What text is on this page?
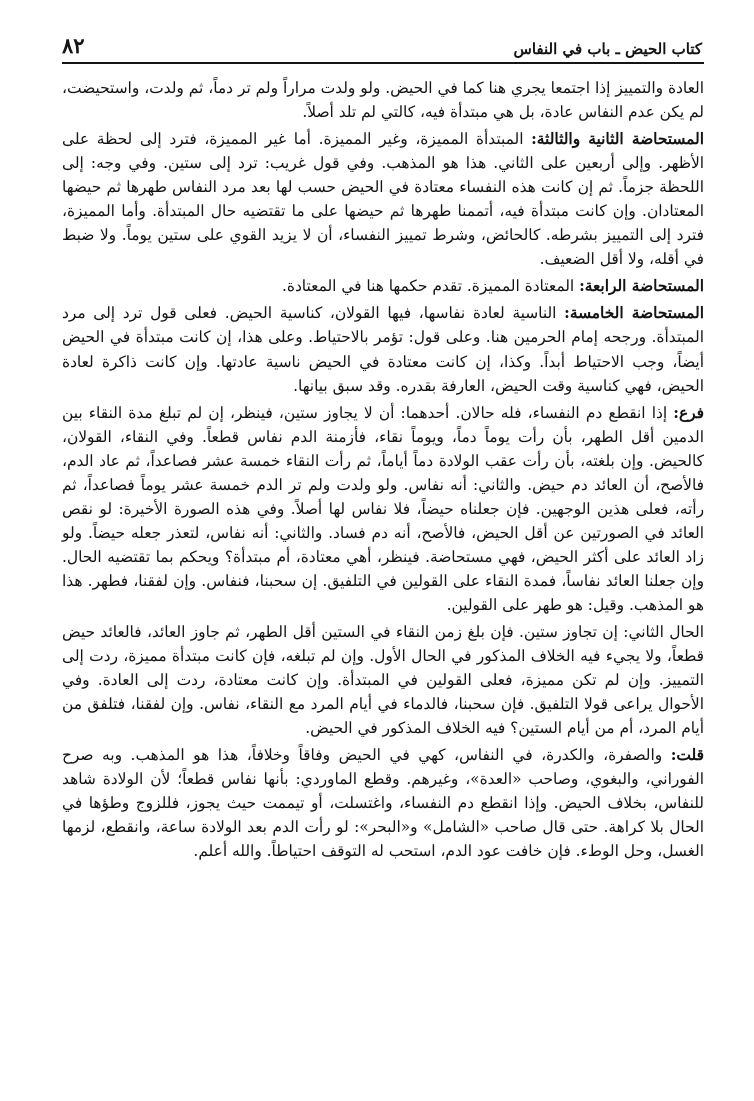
كتاب الحيض ـ باب في النفاس
٨٢

العادة والتمييز إذا اجتمعا يجري هنا كما في الحيض. ولو ولدت مراراً ولم تر دماً، ثم ولدت، واستحيضت، لم يكن عدم النفاس عادة، بل هي مبتدأة فيه، كالتي لم تلد أصلاً.

المستحاضة الثانية والثالثة: المبتدأة المميزة، وغير المميزة. أما غير المميزة، فترد إلى لحظة على الأظهر. وإلى أربعين على الثاني. هذا هو المذهب. وفي قول غريب: ترد إلى ستين. وفي وجه: إلى اللحظة جزماً. ثم إن كانت هذه النفساء معتادة في الحيض حسب لها بعد مرد النفاس طهرها ثم حيضها المعتادان. وإن كانت مبتدأة فيه، أتممنا طهرها ثم حيضها على ما تقتضيه حال المبتدأة. وأما المميزة، فترد إلى التمييز بشرطه. كالحائض، وشرط تمييز النفساء، أن لا يزيد القوي على ستين يوماً. ولا ضبط في أقله، ولا أقل الضعيف.

المستحاضة الرابعة: المعتادة المميزة. تقدم حكمها هنا في المعتادة.

المستحاضة الخامسة: الناسية لعادة نفاسها، فيها القولان، كناسية الحيض. فعلى قول ترد إلى مرد المبتدأة. ورجحه إمام الحرمين هنا. وعلى قول: تؤمر بالاحتياط. وعلى هذا، إن كانت مبتدأة في الحيض أيضاً، وجب الاحتياط أبداً. وكذا، إن كانت معتادة في الحيض ناسية عادتها. وإن كانت ذاكرة لعادة الحيض، فهي كناسية وقت الحيض، العارفة بقدره. وقد سبق بيانها.

فرع: إذا انقطع دم النفساء، فله حالان. أحدهما: أن لا يجاوز ستين، فينظر، إن لم تبلغ مدة النقاء بين الدمين أقل الطهر، بأن رأت يوماً دماً، ويوماً نقاء، فأزمنة الدم نفاس قطعاً. وفي النقاء، القولان، كالحيض. وإن بلغته، بأن رأت عقب الولادة دماً أياماً، ثم رأت النقاء خمسة عشر فصاعداً، ثم عاد الدم، فالأصح، أن العائد دم حيض. والثاني: أنه نفاس. ولو ولدت ولم تر الدم خمسة عشر يوماً فصاعداً، ثم رأته، فعلى هذين الوجهين. فإن جعلناه حيضاً، فلا نفاس لها أصلاً. وفي هذه الصورة الأخيرة: لو نقص العائد في الصورتين عن أقل الحيض، فالأصح، أنه دم فساد. والثاني: أنه نفاس، لتعذر جعله حيضاً. ولو زاد العائد على أكثر الحيض، فهي مستحاضة. فينظر، أهي معتادة، أم مبتدأة؟ ويحكم بما تقتضيه الحال. وإن جعلنا العائد نفاساً، فمدة النقاء على القولين في التلفيق. إن سحبنا، فنفاس. وإن لفقنا، فطهر. هذا هو المذهب. وقيل: هو طهر على القولين.

الحال الثاني: إن تجاوز ستين. فإن بلغ زمن النقاء في الستين أقل الطهر، ثم جاوز العائد، فالعائد حيض قطعاً، ولا يجيء فيه الخلاف المذكور في الحال الأول. وإن لم تبلغه، فإن كانت مبتدأة مميزة، ردت إلى التمييز. وإن لم تكن مميزة، فعلى القولين في المبتدأة. وإن كانت معتادة، ردت إلى العادة. وفي الأحوال يراعى قولا التلفيق. فإن سحبنا، فالدماء في أيام المرد مع النقاء، نفاس. وإن لفقنا، فتلفق من أيام المرد، أم من أيام الستين؟ فيه الخلاف المذكور في الحيض.

قلت: والصفرة، والكدرة، في النفاس، كهي في الحيض وفاقاً وخلافاً، هذا هو المذهب. وبه صرح الفوراني، والبغوي، وصاحب «العدة»، وغيرهم. وقطع الماوردي: بأنها نفاس قطعاً؛ لأن الولادة شاهد للنفاس، بخلاف الحيض. وإذا انقطع دم النفساء، واغتسلت، أو تيممت حيث يجوز، فللزوج وطؤها في الحال بلا كراهة. حتى قال صاحب «الشامل» و«البحر»: لو رأت الدم بعد الولادة ساعة، وانقطع، لزمها الغسل، وحل الوطء. فإن خافت عود الدم، استحب له التوقف احتياطاً. والله أعلم.
